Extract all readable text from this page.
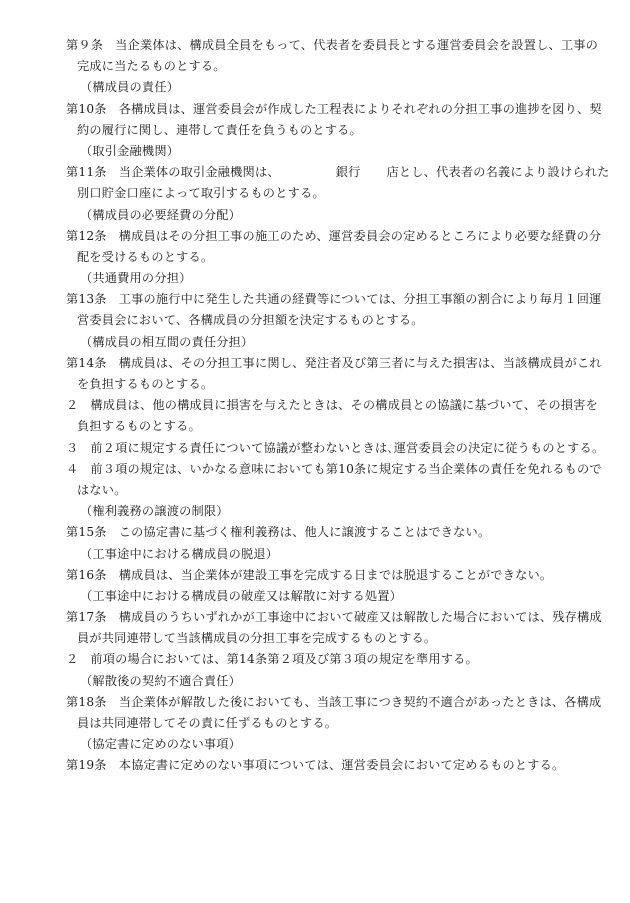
第９条 当企業体は、構成員全員をもって、代表者を委員長とする運営委員会を設置し、工事の
完成に当たるものとする。
（構成員の責任）
第10条 各構成員は、運営委員会が作成した工程表によりそれぞれの分担工事の進捗を図り、契
約の履行に関し、連帯して責任を負うものとする。
（取引金融機関）
第11条 当企業体の取引金融機関は、	銀行 店とし、代表者の名義により設けられた
別口貯金口座によって取引するものとする。
（構成員の必要経費の分配）
第12条 構成員はその分担工事の施工のため、運営委員会の定めるところにより必要な経費の分
配を受けるものとする。
（共通費用の分担）
第13条 工事の施行中に発生した共通の経費等については、分担工事額の割合により毎月１回運
営委員会において、各構成員の分担額を決定するものとする。
（構成員の相互間の責任分担）
第14条 構成員は、その分担工事に関し、発注者及び第三者に与えた損害は、当該構成員がこれ
を負担するものとする。
２ 構成員は、他の構成員に損害を与えたときは、その構成員との協議に基づいて、その損害を
負担するものとする。
３ 前２項に規定する責任について協議が整わないときは､運営委員会の決定に従うものとする。
４ 前３項の規定は、いかなる意味においても第10条に規定する当企業体の責任を免れるもので
はない。
（権利義務の譲渡の制限）
第15条 この協定書に基づく権利義務は、他人に譲渡することはできない。
（工事途中における構成員の脱退）
第16条 構成員は、当企業体が建設工事を完成する日までは脱退することができない。
（工事途中における構成員の破産又は解散に対する処置）
第17条 構成員のうちいずれかが工事途中において破産又は解散した場合においては、残存構成
員が共同連帯して当該構成員の分担工事を完成するものとする。
２ 前項の場合においては、第14条第２項及び第３項の規定を準用する。
（解散後の契約不適合責任）
第18条 当企業体が解散した後においても、当該工事につき契約不適合があったときは、各構成
員は共同連帯してその責に任ずるものとする。
（協定書に定めのない事項）
第19条 本協定書に定めのない事項については、運営委員会において定めるものとする。
